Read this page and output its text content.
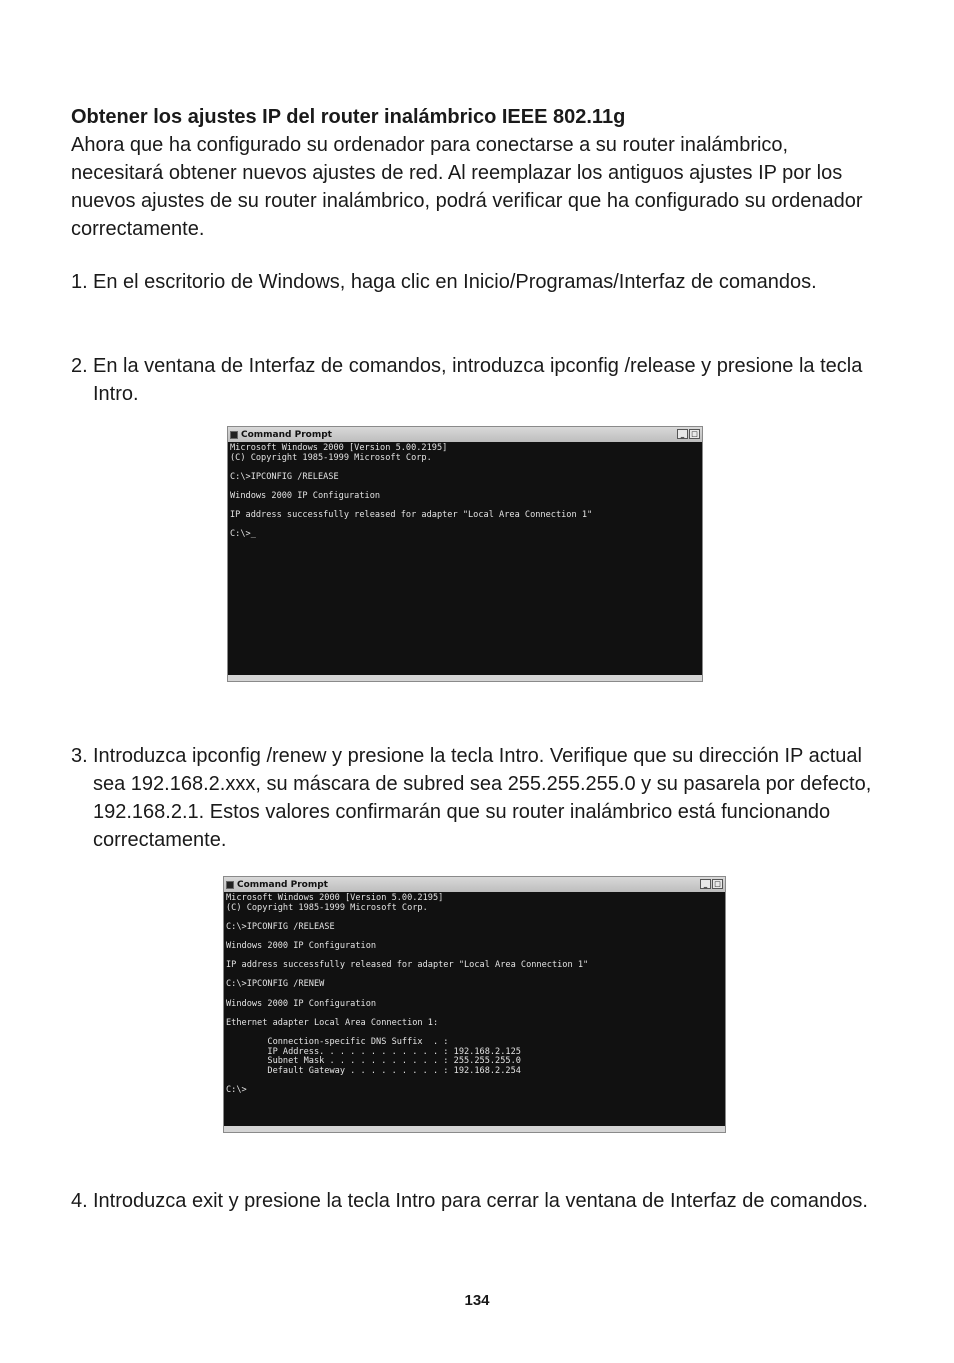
Obtener los ajustes IP del router inalámbrico IEEE 802.11g

Ahora que ha configurado su ordenador para conectarse a su router inalámbrico, necesitará obtener nuevos ajustes de red. Al reemplazar los antiguos ajustes IP por los nuevos ajustes de su router inalámbrico, podrá verificar que ha configurado su ordenador correctamente.

1. En el escritorio de Windows, haga clic en Inicio/Programas/Interfaz de comandos.
2. En la ventana de Interfaz de comandos, introduzca ipconfig /release y presione la tecla Intro.
Command Prompt	_ □
Microsoft Windows 2000 [Version 5.00.2195]
(C) Copyright 1985-1999 Microsoft Corp.

C:\>IPCONFIG /RELEASE

Windows 2000 IP Configuration

IP address successfully released for adapter "Local Area Connection 1"

C:\>_
3. Introduzca ipconfig /renew y presione la tecla Intro. Verifique que su dirección IP actual sea 192.168.2.xxx, su máscara de subred sea 255.255.255.0 y su pasarela por defecto, 192.168.2.1. Estos valores confirmarán que su router inalámbrico está funcionando correctamente.
Command Prompt	_ □
Microsoft Windows 2000 [Version 5.00.2195]
(C) Copyright 1985-1999 Microsoft Corp.

C:\>IPCONFIG /RELEASE

Windows 2000 IP Configuration

IP address successfully released for adapter "Local Area Connection 1"

C:\>IPCONFIG /RENEW

Windows 2000 IP Configuration

Ethernet adapter Local Area Connection 1:

Connection-specific DNS Suffix  . :
IP Address. . . . . . . . . . . . : 192.168.2.125
Subnet Mask . . . . . . . . . . . : 255.255.255.0
Default Gateway . . . . . . . . . : 192.168.2.254

C:\>
4. Introduzca exit y presione la tecla Intro para cerrar la ventana de Interfaz de comandos.
134
